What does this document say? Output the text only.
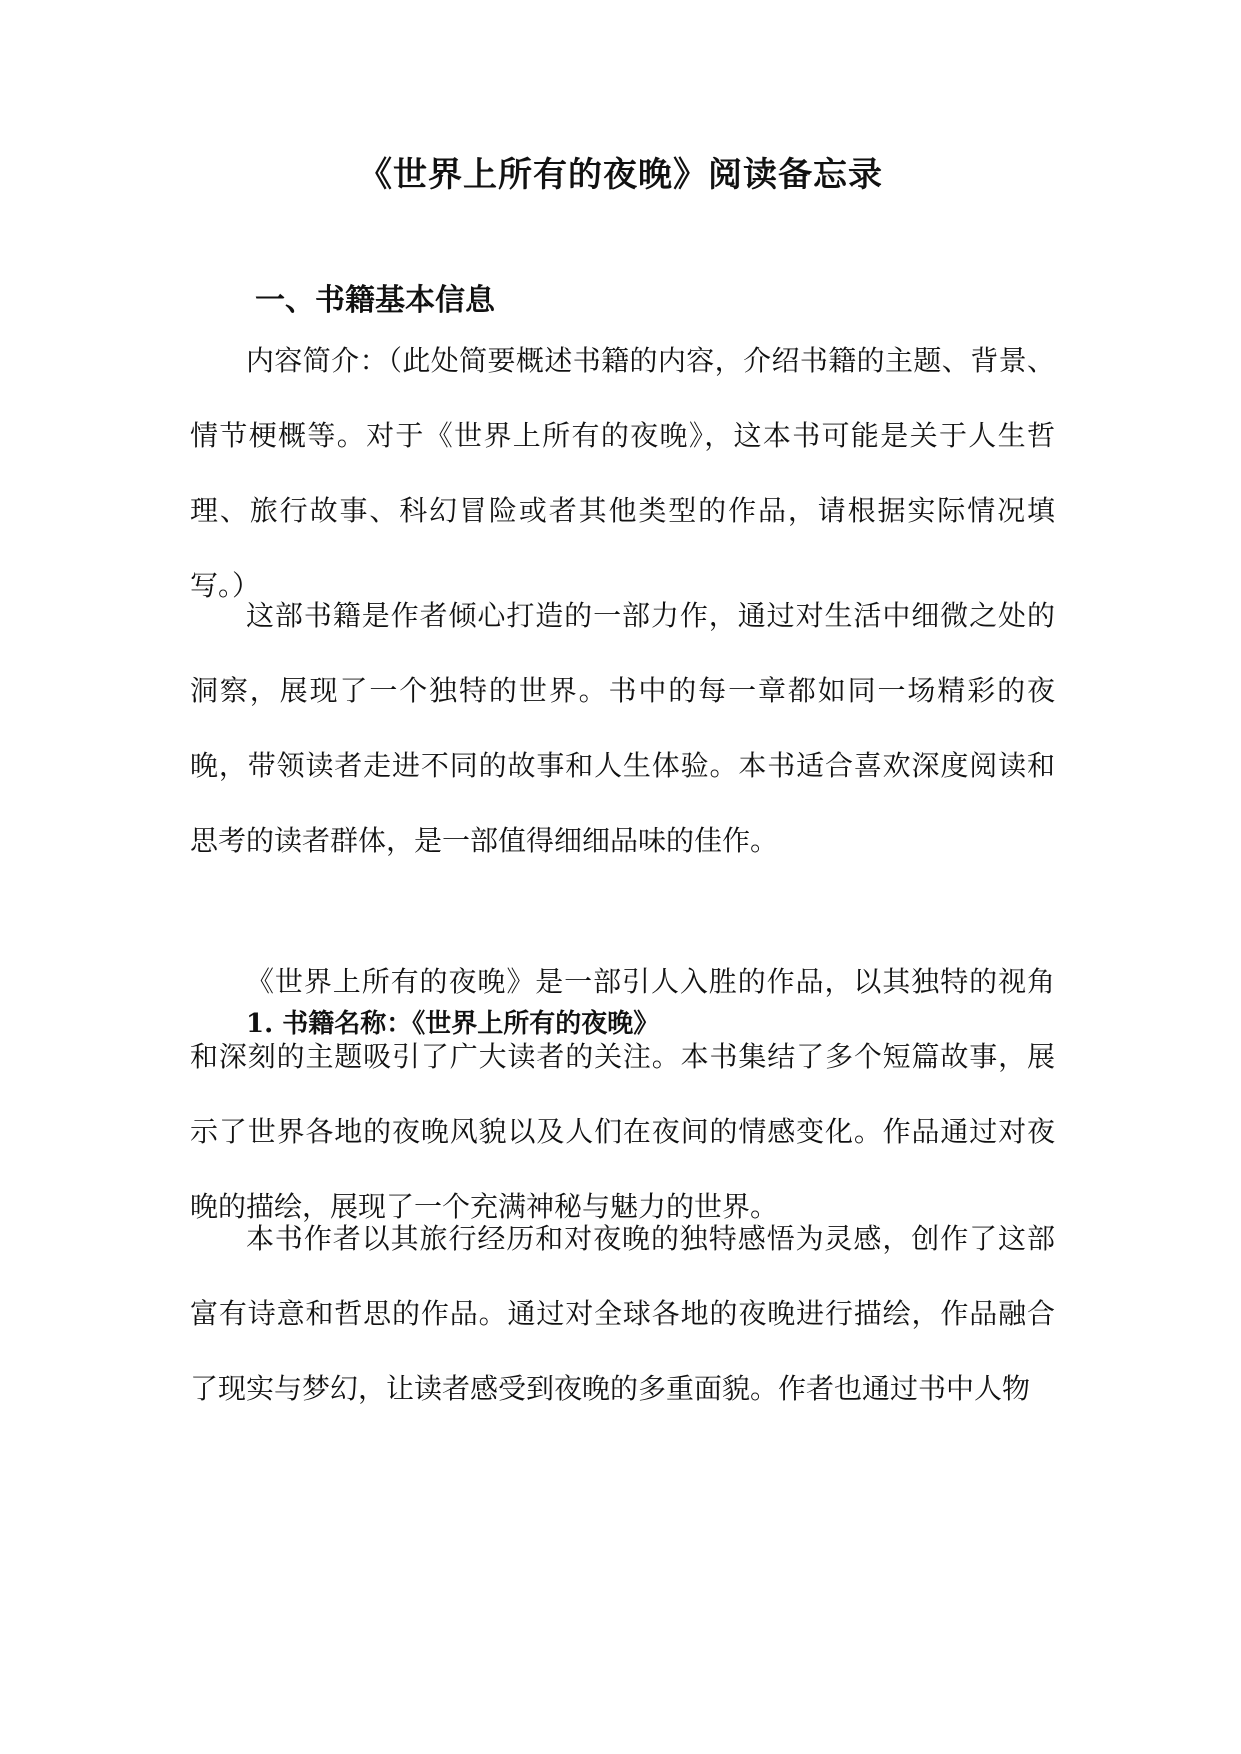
《世界上所有的夜晚》阅读备忘录
一、书籍基本信息

内容简介：（此处简要概述书籍的内容，介绍书籍的主题、背景、情节梗概等。对于《世界上所有的夜晚》，这本书可能是关于人生哲理、旅行故事、科幻冒险或者其他类型的作品，请根据实际情况填写。）

这部书籍是作者倾心打造的一部力作，通过对生活中细微之处的洞察，展现了一个独特的世界。书中的每一章都如同一场精彩的夜晚，带领读者走进不同的故事和人生体验。本书适合喜欢深度阅读和思考的读者群体，是一部值得细细品味的佳作。

1. 书籍名称：《世界上所有的夜晚》

《世界上所有的夜晚》是一部引人入胜的作品，以其独特的视角和深刻的主题吸引了广大读者的关注。本书集结了多个短篇故事，展示了世界各地的夜晚风貌以及人们在夜间的情感变化。作品通过对夜晚的描绘，展现了一个充满神秘与魅力的世界。

本书作者以其旅行经历和对夜晚的独特感悟为灵感，创作了这部富有诗意和哲思的作品。通过对全球各地的夜晚进行描绘，作品融合了现实与梦幻，让读者感受到夜晚的多重面貌。作者也通过书中人物
